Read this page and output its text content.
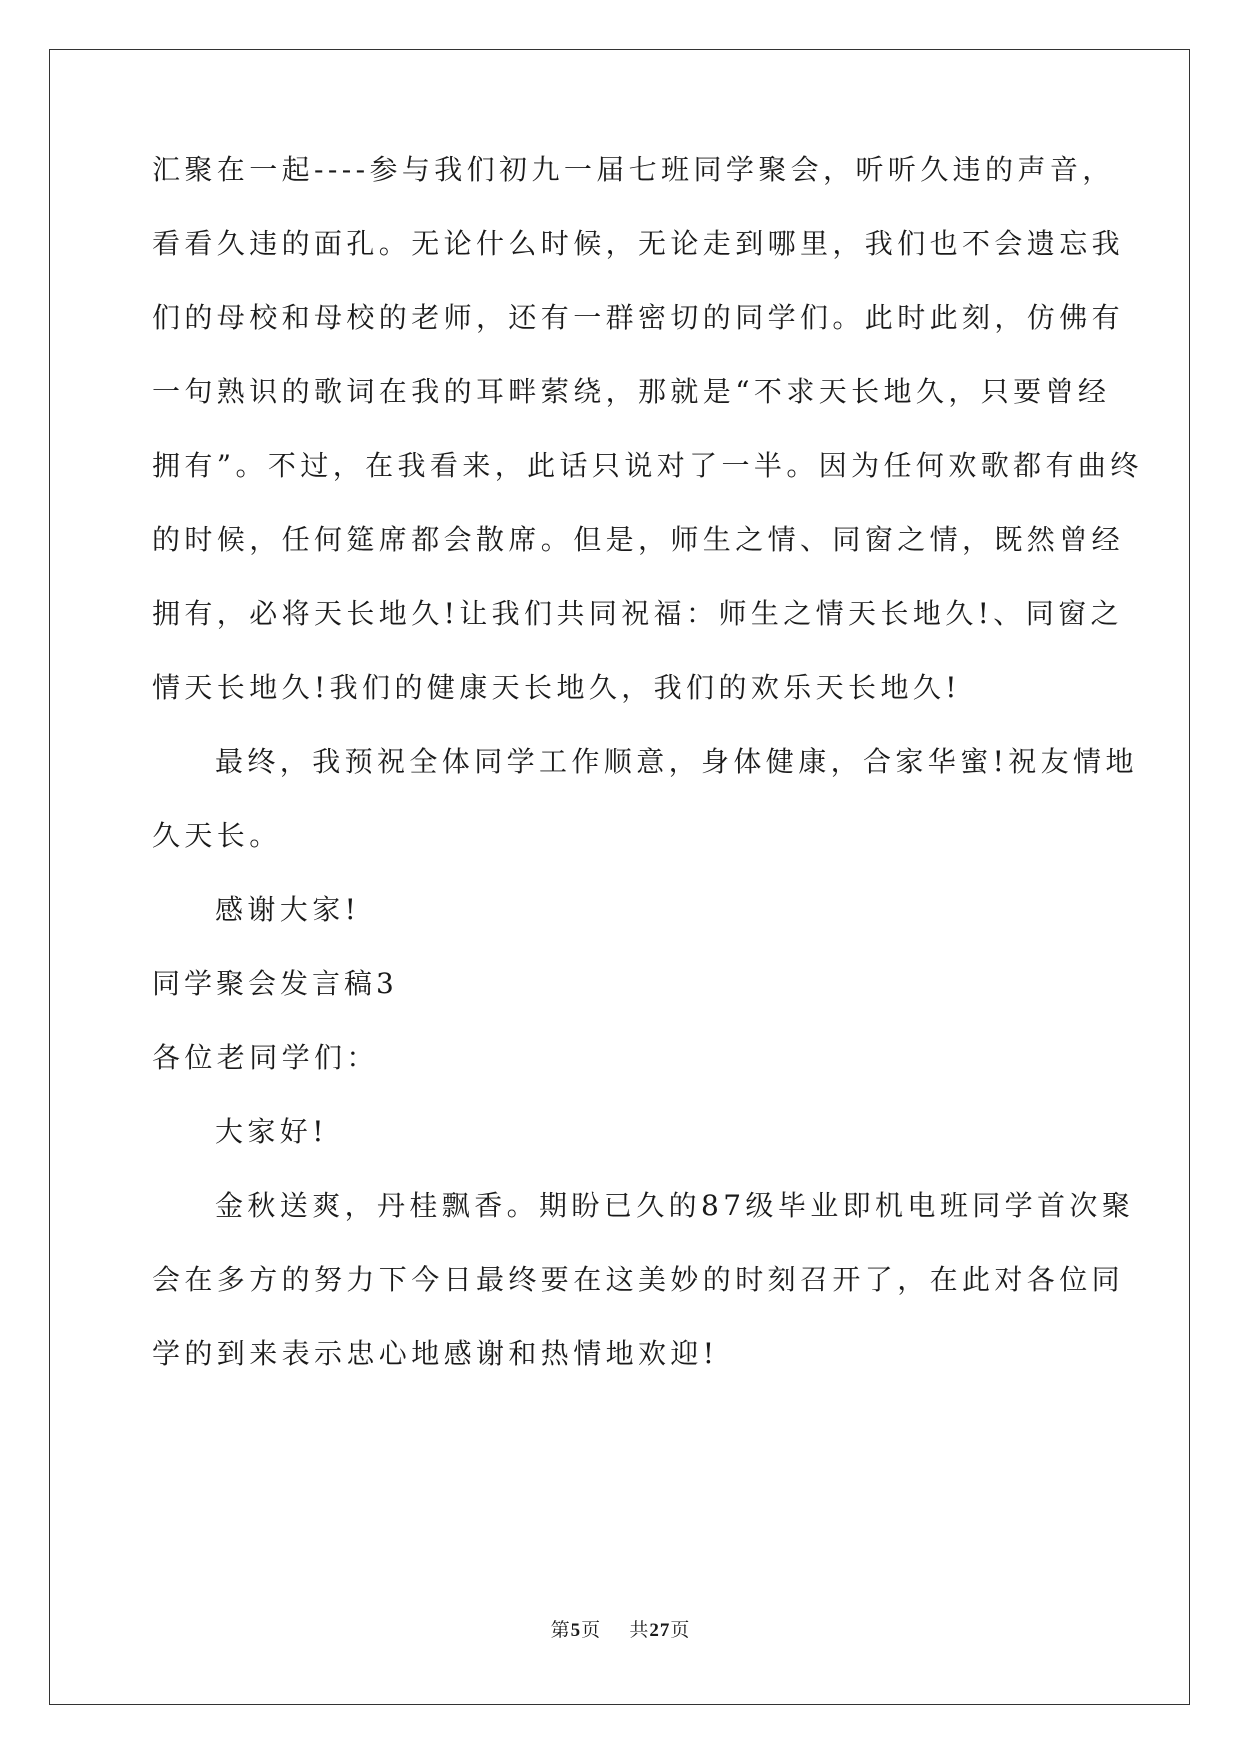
汇聚在一起----参与我们初九一届七班同学聚会，听听久违的声音，
看看久违的面孔。无论什么时候，无论走到哪里，我们也不会遗忘我
们的母校和母校的老师，还有一群密切的同学们。此时此刻，仿佛有
一句熟识的歌词在我的耳畔萦绕，那就是“不求天长地久，只要曾经
拥有”。不过，在我看来，此话只说对了一半。因为任何欢歌都有曲终
的时候，任何筵席都会散席。但是，师生之情、同窗之情，既然曾经
拥有，必将天长地久!让我们共同祝福：师生之情天长地久!、同窗之
情天长地久!我们的健康天长地久，我们的欢乐天长地久!
最终，我预祝全体同学工作顺意，身体健康，合家华蜜!祝友情地
久天长。
感谢大家!
同学聚会发言稿3
各位老同学们：
大家好!
金秋送爽，丹桂飘香。期盼已久的87级毕业即机电班同学首次聚
会在多方的努力下今日最终要在这美妙的时刻召开了，在此对各位同
学的到来表示忠心地感谢和热情地欢迎!
第5页    共27页
